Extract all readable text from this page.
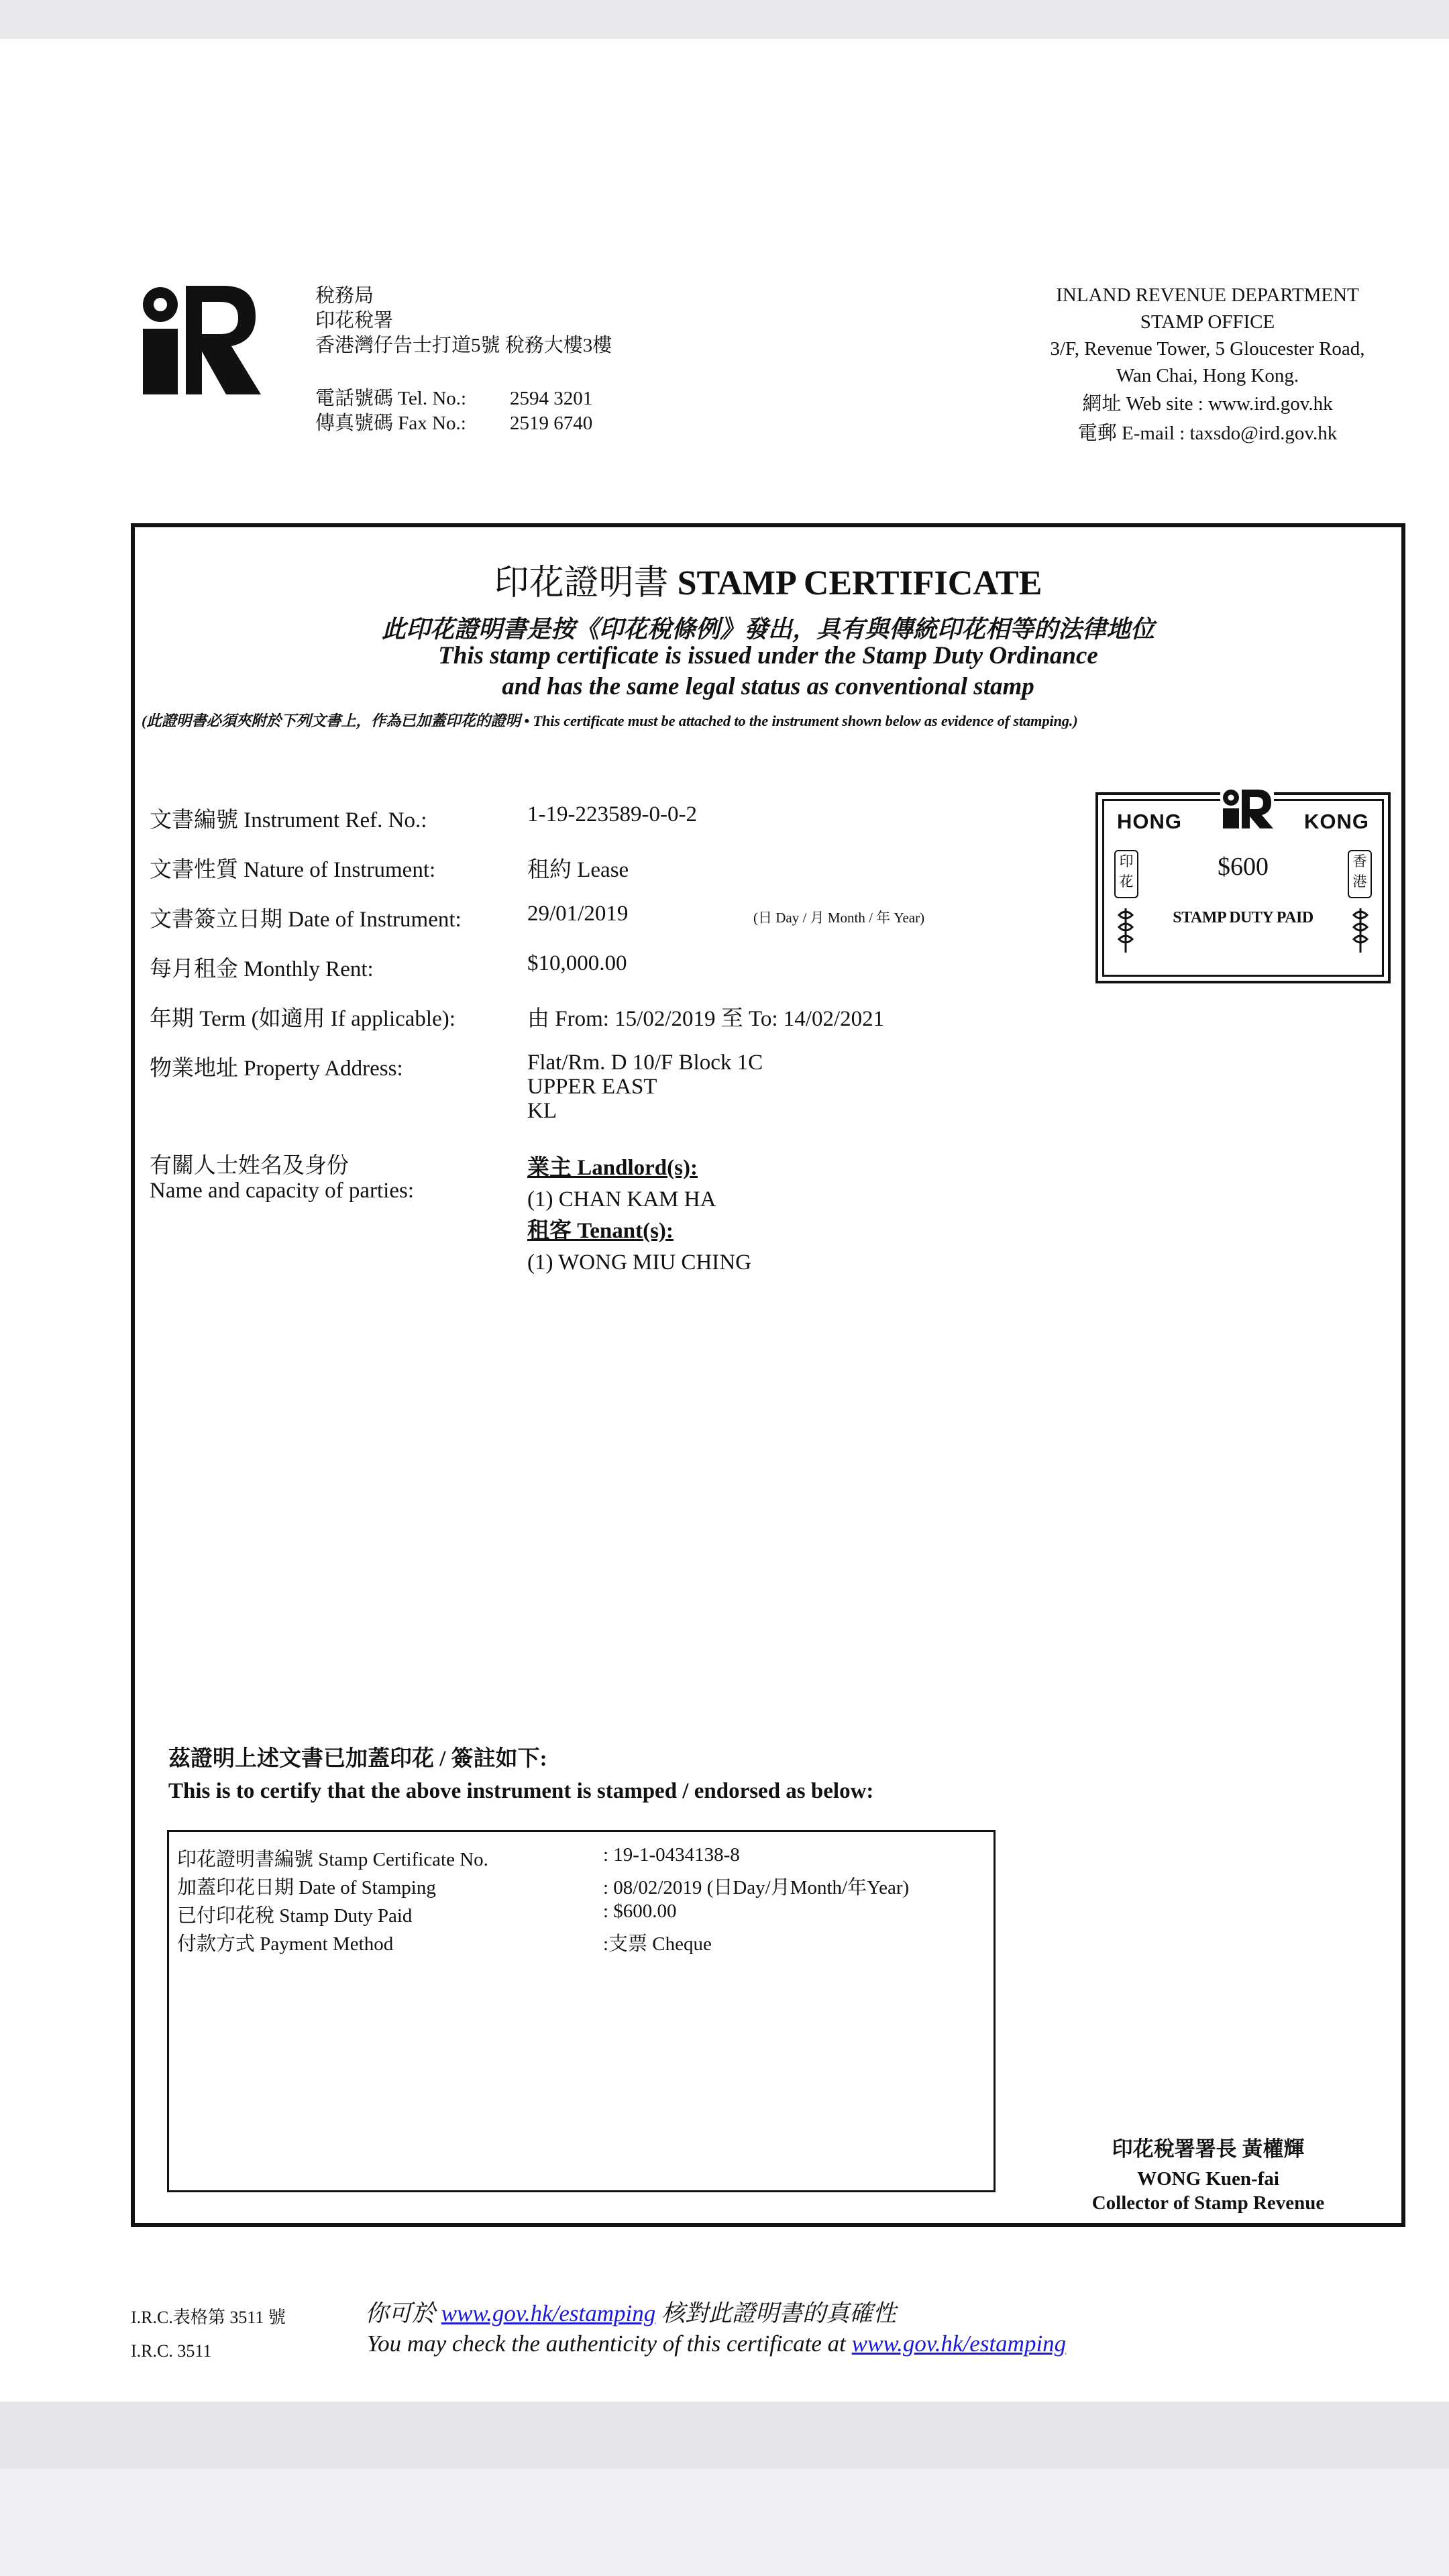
稅務局
印花稅署
香港灣仔告士打道5號 稅務大樓3樓
電話號碼 Tel. No.: 2594 3201
傳真號碼 Fax No.: 2519 6740
INLAND REVENUE DEPARTMENT
STAMP OFFICE
3/F, Revenue Tower, 5 Gloucester Road,
Wan Chai, Hong Kong.
網址 Web site : www.ird.gov.hk
電郵 E-mail : taxsdo@ird.gov.hk
印花證明書 STAMP CERTIFICATE
此印花證明書是按《印花稅條例》發出，具有與傳統印花相等的法律地位
This stamp certificate is issued under the Stamp Duty Ordinance
and has the same legal status as conventional stamp
(此證明書必須夾附於下列文書上，作為已加蓋印花的證明 • This certificate must be attached to the instrument shown below as evidence of stamping.)
文書編號 Instrument Ref. No.:	1-19-223589-0-0-2
文書性質 Nature of Instrument:	租約 Lease
文書簽立日期 Date of Instrument:	29/01/2019	(日 Day / 月 Month / 年 Year)
每月租金 Monthly Rent:	$10,000.00
年期 Term (如適用 If applicable):	由 From: 15/02/2019 至 To: 14/02/2021
物業地址 Property Address:	Flat/Rm. D 10/F Block 1C
UPPER EAST
KL
有關人士姓名及身份
Name and capacity of parties:
業主 Landlord(s):
(1) CHAN KAM HA
租客 Tenant(s):
(1) WONG MIU CHING
HONG	KONG
$600
印花
香港
STAMP DUTY PAID
茲證明上述文書已加蓋印花 / 簽註如下:
This is to certify that the above instrument is stamped / endorsed as below:
印花證明書編號 Stamp Certificate No.	: 19-1-0434138-8
加蓋印花日期 Date of Stamping	: 08/02/2019 (日Day/月Month/年Year)
已付印花稅 Stamp Duty Paid	: $600.00
付款方式 Payment Method	:支票 Cheque
印花稅署署長 黃權輝
WONG Kuen-fai
Collector of Stamp Revenue
I.R.C.表格第 3511 號
I.R.C. 3511
你可於 www.gov.hk/estamping 核對此證明書的真確性
You may check the authenticity of this certificate at www.gov.hk/estamping
